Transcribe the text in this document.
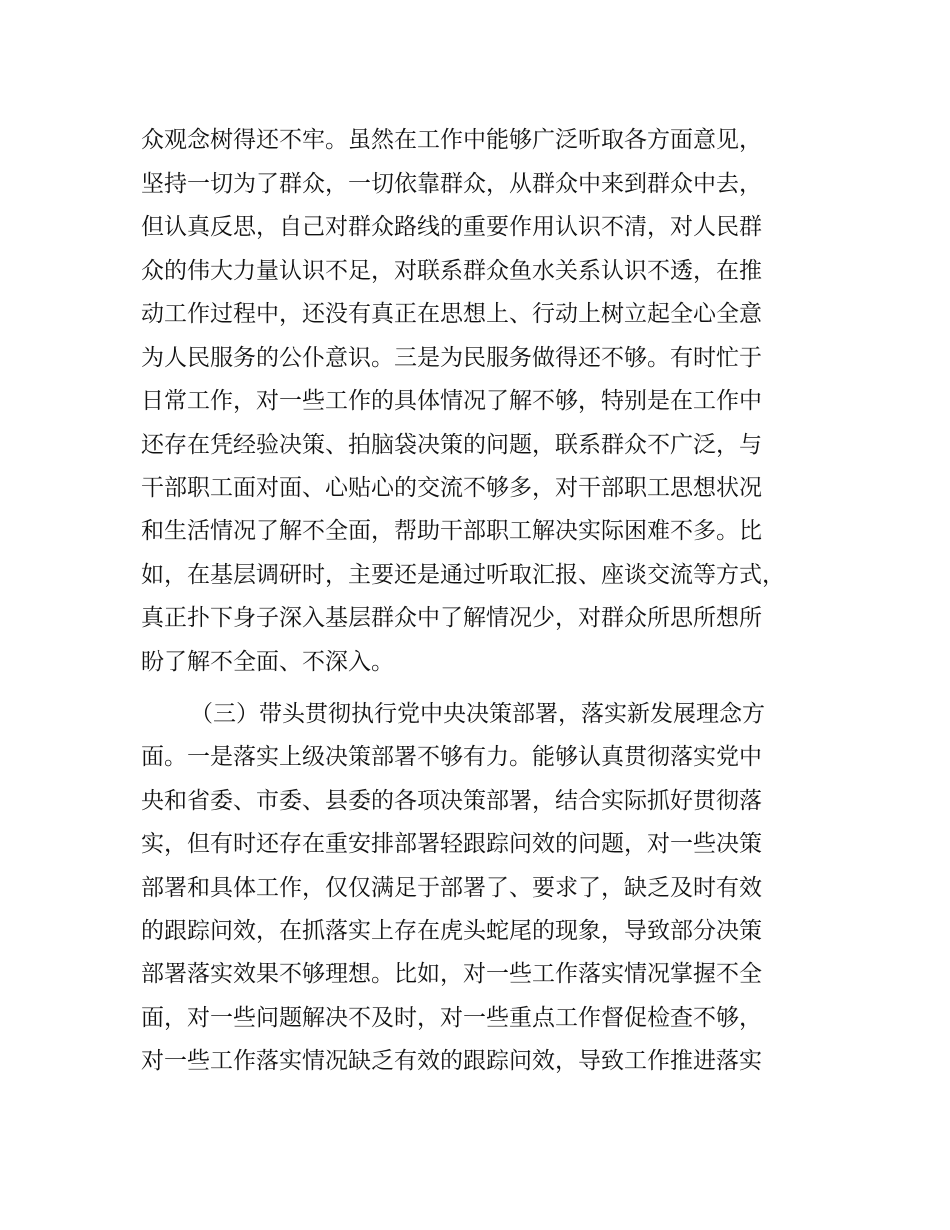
众观念树得还不牢。虽然在工作中能够广泛听取各方面意见，
坚持一切为了群众，一切依靠群众，从群众中来到群众中去，
但认真反思，自己对群众路线的重要作用认识不清，对人民群
众的伟大力量认识不足，对联系群众鱼水关系认识不透，在推
动工作过程中，还没有真正在思想上、行动上树立起全心全意
为人民服务的公仆意识。三是为民服务做得还不够。有时忙于
日常工作，对一些工作的具体情况了解不够，特别是在工作中
还存在凭经验决策、拍脑袋决策的问题，联系群众不广泛，与
干部职工面对面、心贴心的交流不够多，对干部职工思想状况
和生活情况了解不全面，帮助干部职工解决实际困难不多。比
如，在基层调研时，主要还是通过听取汇报、座谈交流等方式，
真正扑下身子深入基层群众中了解情况少，对群众所思所想所
盼了解不全面、不深入。
（三）带头贯彻执行党中央决策部署，落实新发展理念方
面。一是落实上级决策部署不够有力。能够认真贯彻落实党中
央和省委、市委、县委的各项决策部署，结合实际抓好贯彻落
实，但有时还存在重安排部署轻跟踪问效的问题，对一些决策
部署和具体工作，仅仅满足于部署了、要求了，缺乏及时有效
的跟踪问效，在抓落实上存在虎头蛇尾的现象，导致部分决策
部署落实效果不够理想。比如，对一些工作落实情况掌握不全
面，对一些问题解决不及时，对一些重点工作督促检查不够，
对一些工作落实情况缺乏有效的跟踪问效，导致工作推进落实
